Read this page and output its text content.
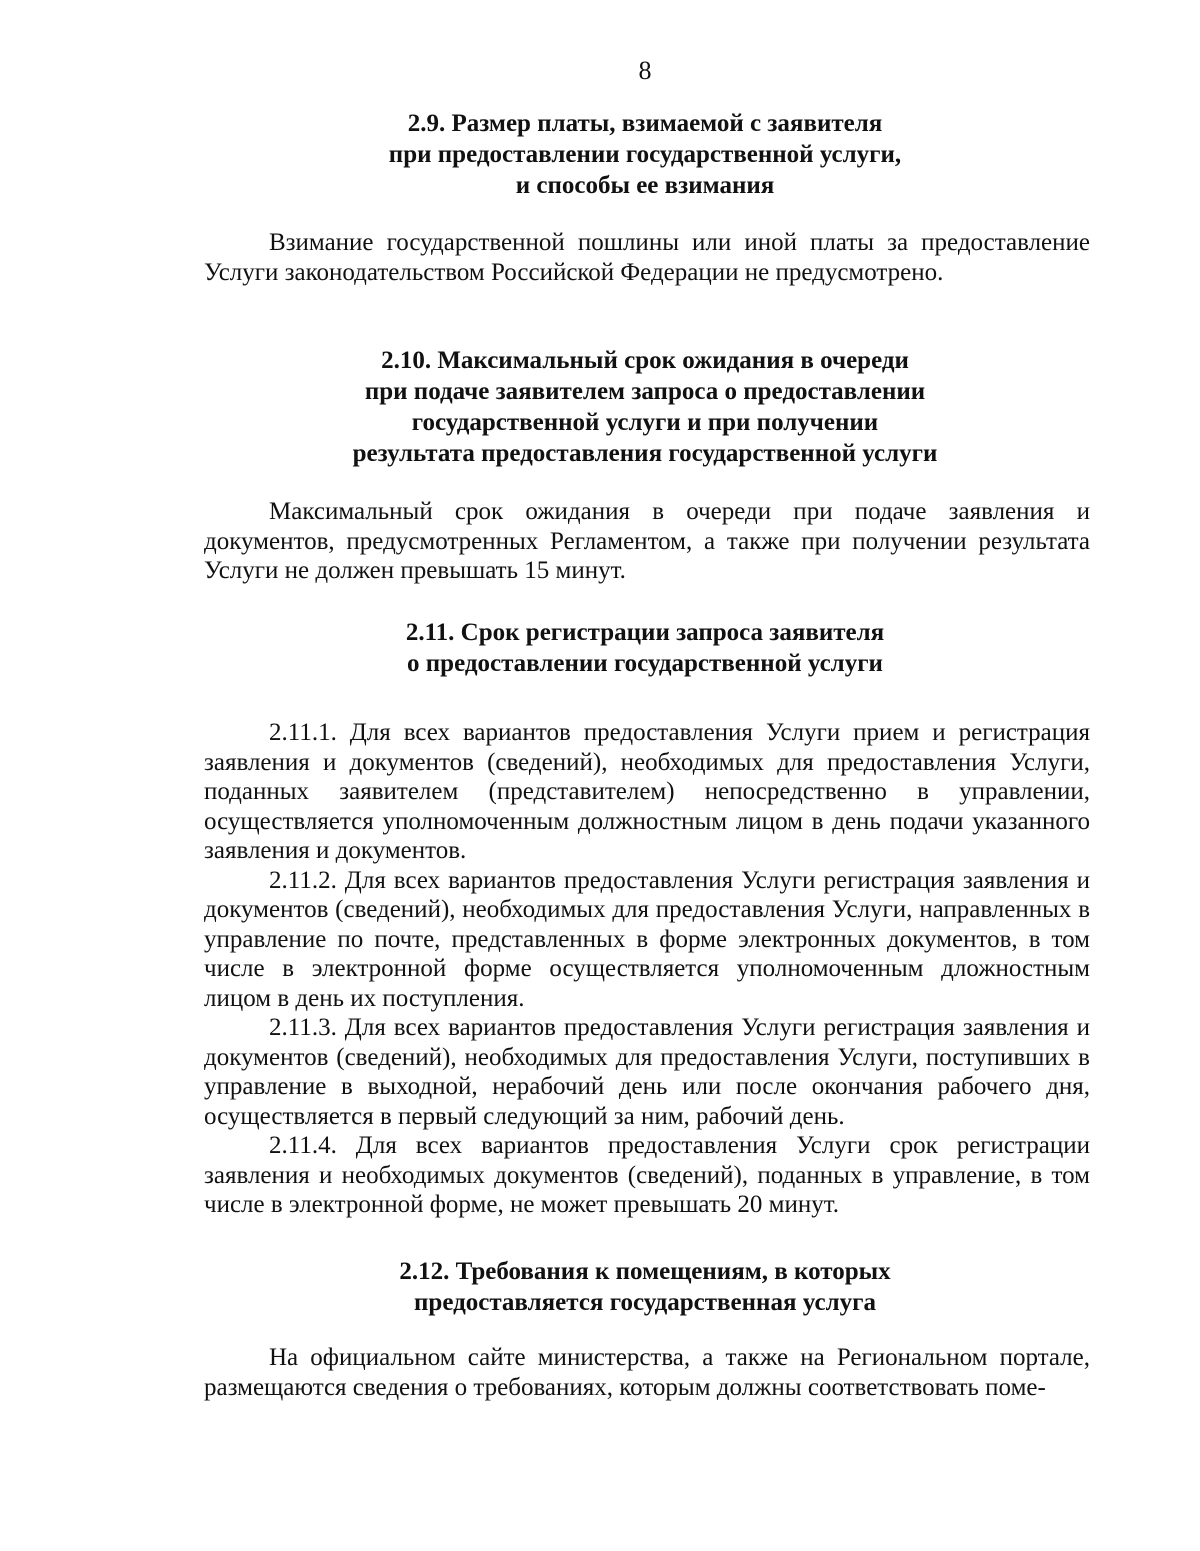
8
2.9. Размер платы, взимаемой с заявителя
при предоставлении государственной услуги,
и способы ее взимания
Взимание государственной пошлины или иной платы за предоставление Услуги законодательством Российской Федерации не предусмотрено.
2.10. Максимальный срок ожидания в очереди
при подаче заявителем запроса о предоставлении
государственной услуги и при получении
результата предоставления государственной услуги
Максимальный срок ожидания в очереди при подаче заявления и документов, предусмотренных Регламентом, а также при получении результата Услуги не должен превышать 15 минут.
2.11. Срок регистрации запроса заявителя
о предоставлении государственной услуги

2.11.1. Для всех вариантов предоставления Услуги прием и регистрация заявления и документов (сведений), необходимых для предоставления Услуги, поданных заявителем (представителем) непосредственно в управлении, осуществляется уполномоченным должностным лицом в день подачи указанного заявления и документов.

2.11.2. Для всех вариантов предоставления Услуги регистрация заявления и документов (сведений), необходимых для предоставления Услуги, направленных в управление по почте, представленных в форме электронных документов, в том числе в электронной форме осуществляется уполномоченным дложностным лицом в день их поступления.

2.11.3. Для всех вариантов предоставления Услуги регистрация заявления и документов (сведений), необходимых для предоставления Услуги, поступивших в управление в выходной, нерабочий день или после окончания рабочего дня, осуществляется в первый следующий за ним, рабочий день.

2.11.4. Для всех вариантов предоставления Услуги срок регистрации заявления и необходимых документов (сведений), поданных в управление, в том числе в электронной форме, не может превышать 20 минут.

2.12. Требования к помещениям, в которых
предоставляется государственная услуга
На официальном сайте министерства, а также на Региональном портале, размещаются сведения о требованиях, которым должны соответствовать поме-
